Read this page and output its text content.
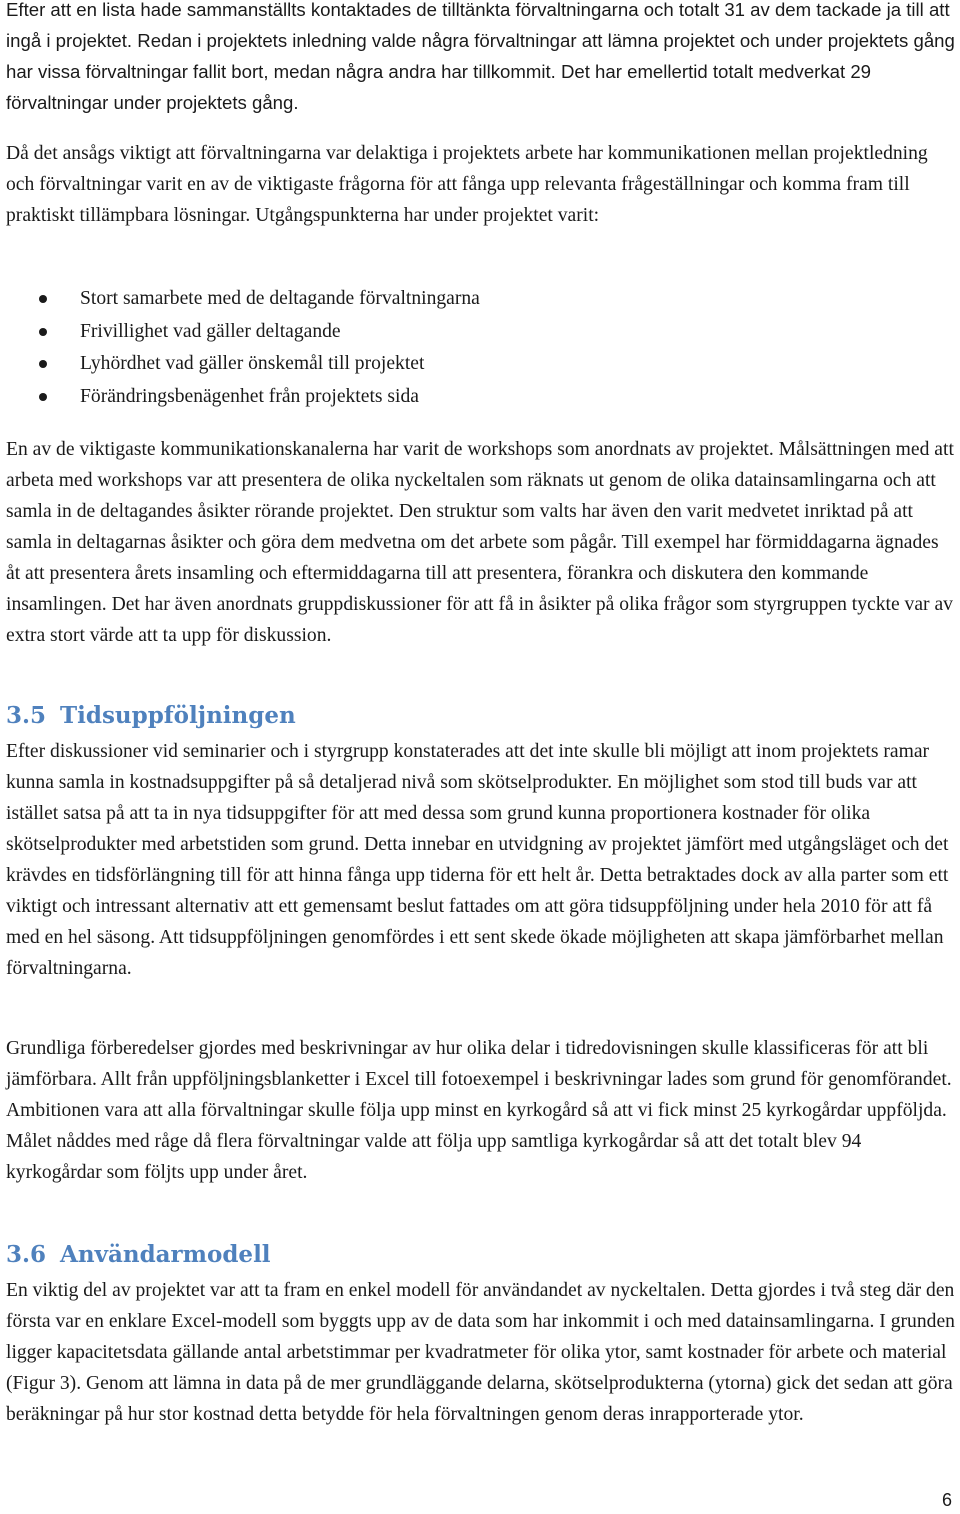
Efter att en lista hade sammanställts kontaktades de tilltänkta förvaltningarna och totalt 31 av dem tackade ja till att ingå i projektet. Redan i projektets inledning valde några förvaltningar att lämna projektet och under projektets gång har vissa förvaltningar fallit bort, medan några andra har tillkommit. Det har emellertid totalt medverkat 29 förvaltningar under projektets gång.

Då det ansågs viktigt att förvaltningarna var delaktiga i projektets arbete har kommunikationen mellan projektledning och förvaltningar varit en av de viktigaste frågorna för att fånga upp relevanta frågeställningar och komma fram till praktiskt tillämpbara lösningar. Utgångspunkterna har under projektet varit:

Stort samarbete med de deltagande förvaltningarna
Frivillighet vad gäller deltagande
Lyhördhet vad gäller önskemål till projektet
Förändringsbenägenhet från projektets sida

En av de viktigaste kommunikationskanalerna har varit de workshops som anordnats av projektet. Målsättningen med att arbeta med workshops var att presentera de olika nyckeltalen som räknats ut genom de olika datainsamlingarna och att samla in de deltagandes åsikter rörande projektet. Den struktur som valts har även den varit medvetet inriktad på att samla in deltagarnas åsikter och göra dem medvetna om det arbete som pågår. Till exempel har förmiddagarna ägnades åt att presentera årets insamling och eftermiddagarna till att presentera, förankra och diskutera den kommande insamlingen. Det har även anordnats gruppdiskussioner för att få in åsikter på olika frågor som styrgruppen tyckte var av extra stort värde att ta upp för diskussion.

3.5 Tidsuppföljningen

Efter diskussioner vid seminarier och i styrgrupp konstaterades att det inte skulle bli möjligt att inom projektets ramar kunna samla in kostnadsuppgifter på så detaljerad nivå som skötselprodukter. En möjlighet som stod till buds var att istället satsa på att ta in nya tidsuppgifter för att med dessa som grund kunna proportionera kostnader för olika skötselprodukter med arbetstiden som grund. Detta innebar en utvidgning av projektet jämfört med utgångsläget och det krävdes en tidsförlängning till för att hinna fånga upp tiderna för ett helt år. Detta betraktades dock av alla parter som ett viktigt och intressant alternativ att ett gemensamt beslut fattades om att göra tidsuppföljning under hela 2010 för att få med en hel säsong. Att tidsuppföljningen genomfördes i ett sent skede ökade möjligheten att skapa jämförbarhet mellan förvaltningarna.

Grundliga förberedelser gjordes med beskrivningar av hur olika delar i tidredovisningen skulle klassificeras för att bli jämförbara. Allt från uppföljningsblanketter i Excel till fotoexempel i beskrivningar lades som grund för genomförandet. Ambitionen vara att alla förvaltningar skulle följa upp minst en kyrkogård så att vi fick minst 25 kyrkogårdar uppföljda. Målet nåddes med råge då flera förvaltningar valde att följa upp samtliga kyrkogårdar så att det totalt blev 94 kyrkogårdar som följts upp under året.

3.6 Användarmodell

En viktig del av projektet var att ta fram en enkel modell för användandet av nyckeltalen. Detta gjordes i två steg där den första var en enklare Excel-modell som byggts upp av de data som har inkommit i och med datainsamlingarna. I grunden ligger kapacitetsdata gällande antal arbetstimmar per kvadratmeter för olika ytor, samt kostnader för arbete och material (Figur 3). Genom att lämna in data på de mer grundläggande delarna, skötselprodukterna (ytorna) gick det sedan att göra beräkningar på hur stor kostnad detta betydde för hela förvaltningen genom deras inrapporterade ytor.

6
